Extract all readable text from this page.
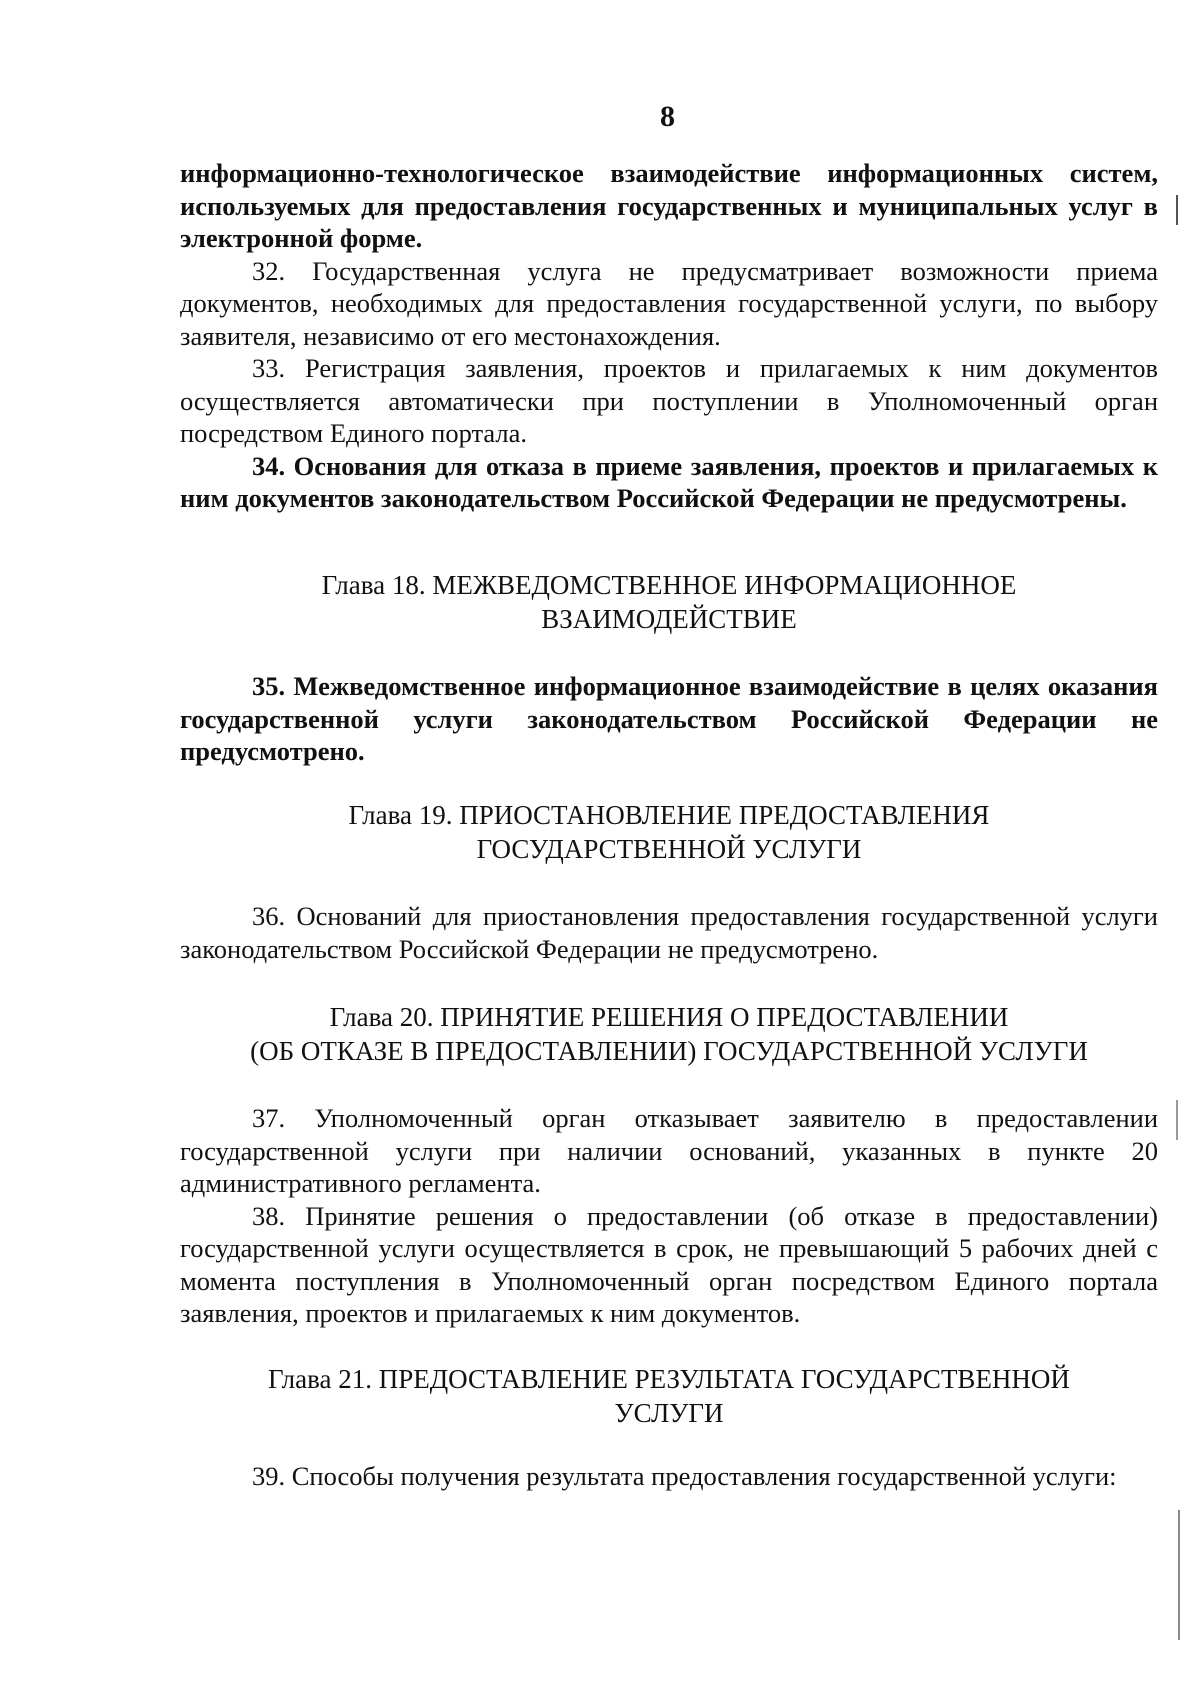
8

информационно-технологическое взаимодействие информационных систем, используемых для предоставления государственных и муниципальных услуг в электронной форме.

32. Государственная услуга не предусматривает возможности приема документов, необходимых для предоставления государственной услуги, по выбору заявителя, независимо от его местонахождения.

33. Регистрация заявления, проектов и прилагаемых к ним документов осуществляется автоматически при поступлении в Уполномоченный орган посредством Единого портала.

34. Основания для отказа в приеме заявления, проектов и прилагаемых к ним документов законодательством Российской Федерации не предусмотрены.

Глава 18. МЕЖВЕДОМСТВЕННОЕ ИНФОРМАЦИОННОЕ
ВЗАИМОДЕЙСТВИЕ

35. Межведомственное информационное взаимодействие в целях оказания государственной услуги законодательством Российской Федерации не предусмотрено.

Глава 19. ПРИОСТАНОВЛЕНИЕ ПРЕДОСТАВЛЕНИЯ
ГОСУДАРСТВЕННОЙ УСЛУГИ

36. Оснований для приостановления предоставления государственной услуги законодательством Российской Федерации не предусмотрено.

Глава 20. ПРИНЯТИЕ РЕШЕНИЯ О ПРЕДОСТАВЛЕНИИ
(ОБ ОТКАЗЕ В ПРЕДОСТАВЛЕНИИ) ГОСУДАРСТВЕННОЙ УСЛУГИ

37. Уполномоченный орган отказывает заявителю в предоставлении государственной услуги при наличии оснований, указанных в пункте 20 административного регламента.

38. Принятие решения о предоставлении (об отказе в предоставлении) государственной услуги осуществляется в срок, не превышающий 5 рабочих дней с момента поступления в Уполномоченный орган посредством Единого портала заявления, проектов и прилагаемых к ним документов.

Глава 21. ПРЕДОСТАВЛЕНИЕ РЕЗУЛЬТАТА ГОСУДАРСТВЕННОЙ
УСЛУГИ

39. Способы получения результата предоставления государственной услуги:
